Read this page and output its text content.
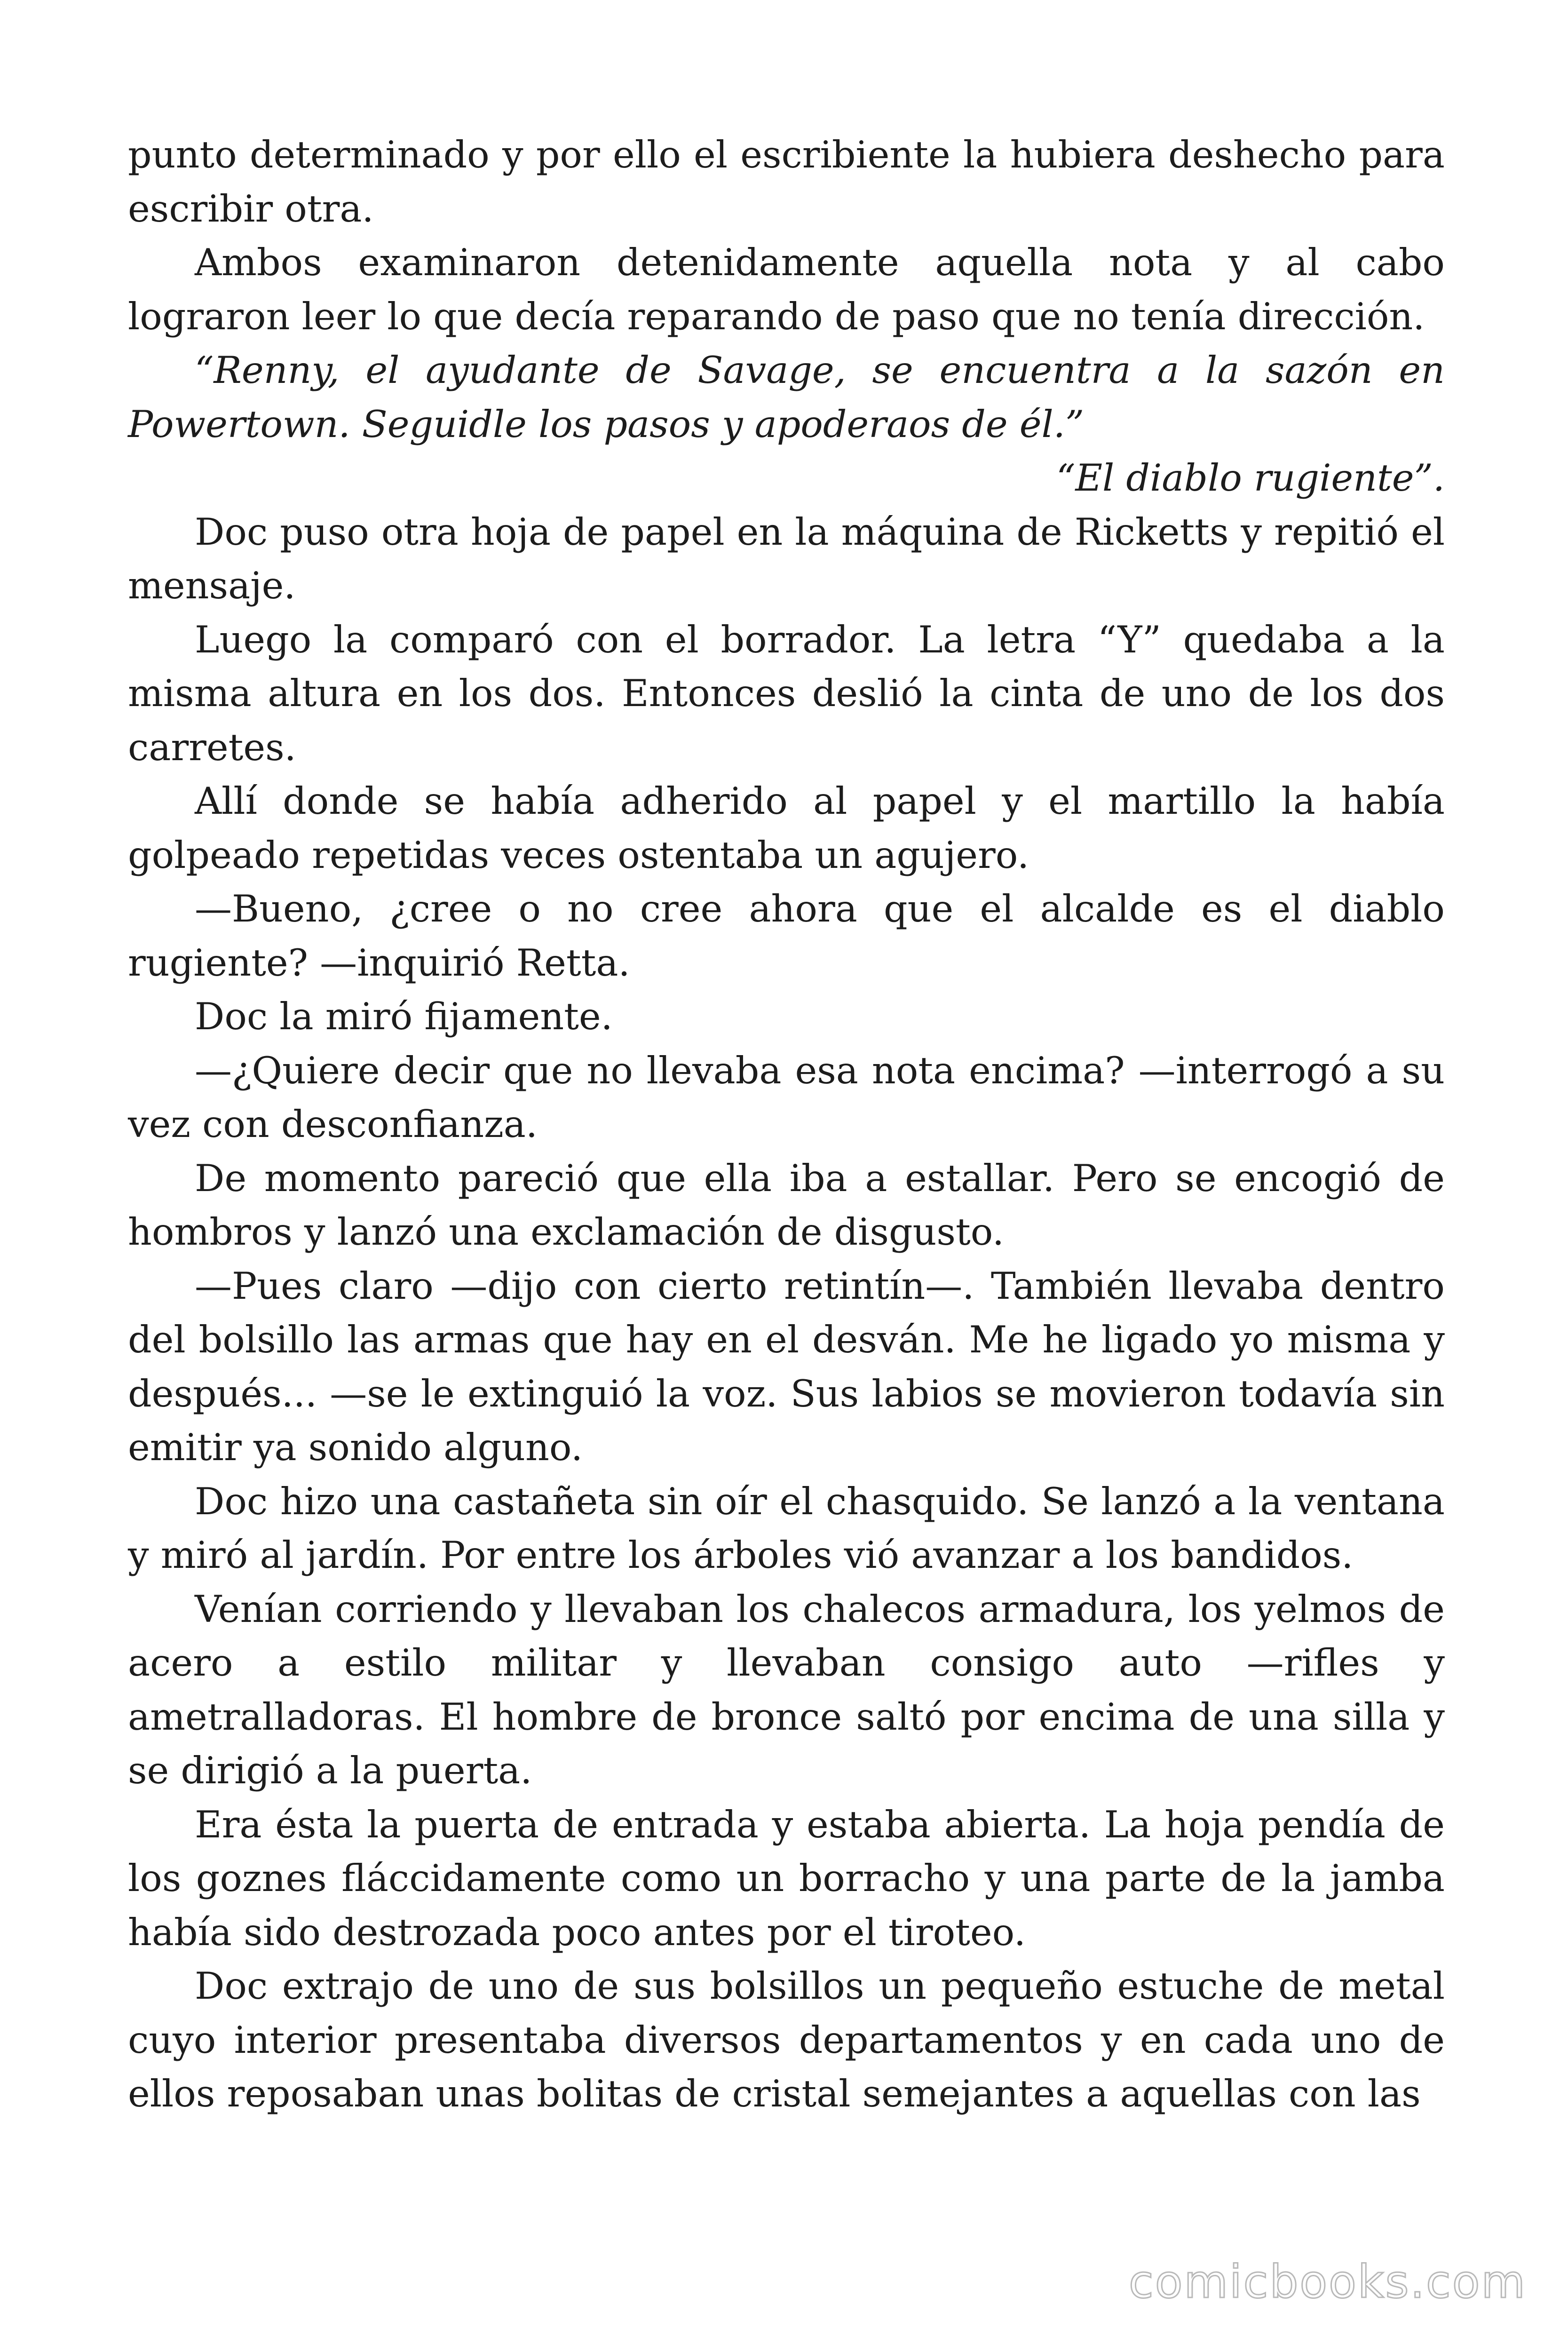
punto determinado y por ello el escribiente la hubiera deshecho para escribir otra.

Ambos examinaron detenidamente aquella nota y al cabo lograron leer lo que decía reparando de paso que no tenía dirección.

“Renny, el ayudante de Savage, se encuentra a la sazón en Powertown. Seguidle los pasos y apoderaos de él.”

“El diablo rugiente”.

Doc puso otra hoja de papel en la máquina de Ricketts y repitió el mensaje.

Luego la comparó con el borrador. La letra “Y” quedaba a la misma altura en los dos. Entonces deslió la cinta de uno de los dos carretes.

Allí donde se había adherido al papel y el martillo la había golpeado repetidas veces ostentaba un agujero.

—Bueno, ¿cree o no cree ahora que el alcalde es el diablo rugiente? —inquirió Retta.

Doc la miró fijamente.

—¿Quiere decir que no llevaba esa nota encima? —interrogó a su vez con desconfianza.

De momento pareció que ella iba a estallar. Pero se encogió de hombros y lanzó una exclamación de disgusto.

—Pues claro —dijo con cierto retintín—. También llevaba dentro del bolsillo las armas que hay en el desván. Me he ligado yo misma y después... —se le extinguió la voz. Sus labios se movieron todavía sin emitir ya sonido alguno.

Doc hizo una castañeta sin oír el chasquido. Se lanzó a la ventana y miró al jardín. Por entre los árboles vió avanzar a los bandidos.

Venían corriendo y llevaban los chalecos armadura, los yelmos de acero a estilo militar y llevaban consigo auto —rifles y ametralladoras. El hombre de bronce saltó por encima de una silla y se dirigió a la puerta.

Era ésta la puerta de entrada y estaba abierta. La hoja pendía de los goznes fláccidamente como un borracho y una parte de la jamba había sido destrozada poco antes por el tiroteo.

Doc extrajo de uno de sus bolsillos un pequeño estuche de metal cuyo interior presentaba diversos departamentos y en cada uno de ellos reposaban unas bolitas de cristal semejantes a aquellas con las

comicbooks.com
